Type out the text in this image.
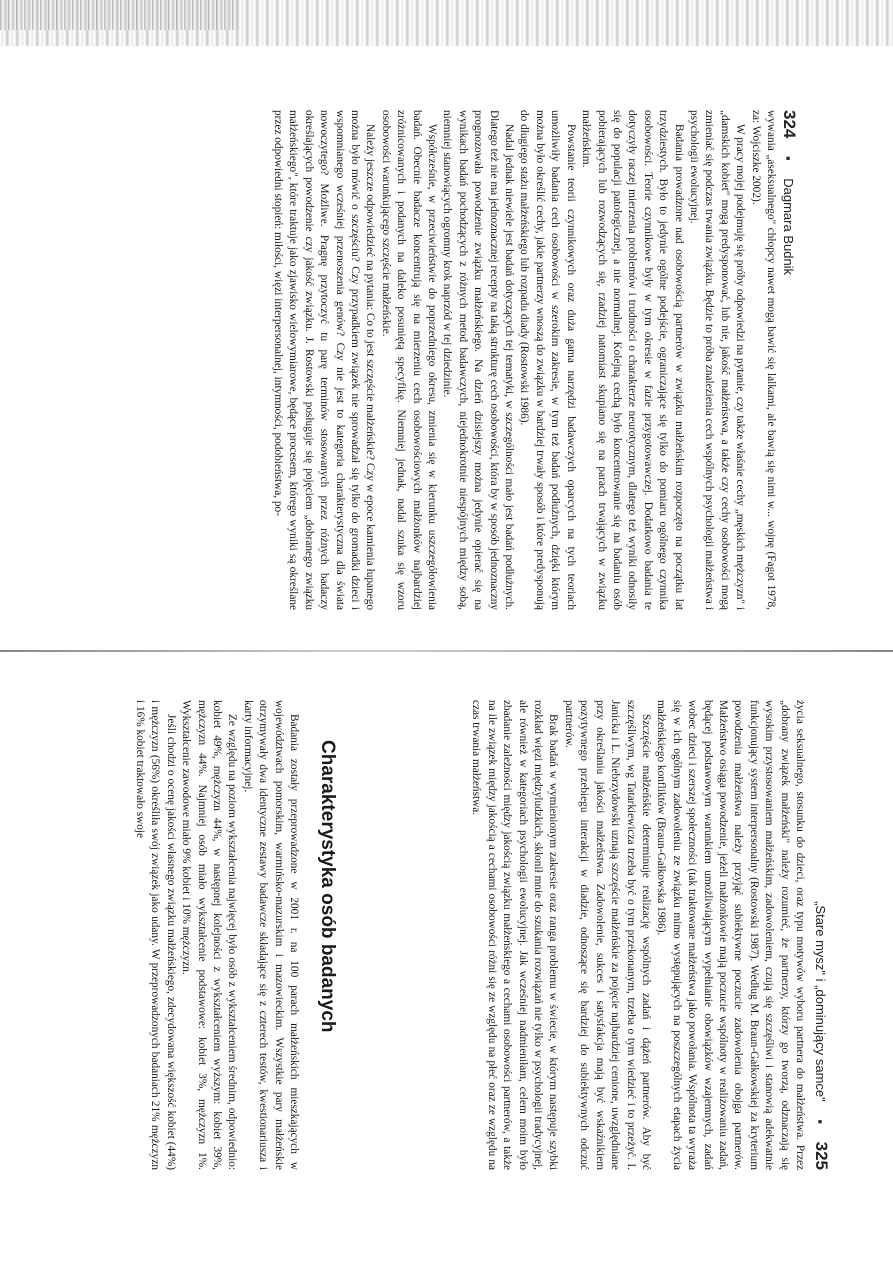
324 ▪ Dagmara Budnik

wywania „aseksualnego" chłopcy nawet mogą bawić się lalkami, ale bawią się nimi w... wojnę (Fagot 1978, za: Wojciszke 2002).

W pracy mojej podejmuję się próby odpowiedzi na pytanie, czy także właśnie cechy „męskich mężczyzn" i „damskich kobiet" mogą predysponować, lub nie, jakość małżeństwa, a także czy cechy osobowości mogą zmieniać się podczas trwania związku. Będzie to próba znalezienia cech wspólnych psychologii małżeństwa i psychologii ewolucyjnej.

Badania prowadzone nad osobowością partnerów w związku małżeńskim rozpoczęto na początku lat trzydziestych. Było to jedynie ogólne podejście, ograniczające się tylko do pomiaru ogólnego czynnika osobowości. Teorie czynnikowe były w tym okresie w fazie przygotowawczej. Dodatkowo badania te dotyczyły raczej mierzenia problemów i trudności o charakterze neurotycznym, dlatego też wyniki odnosiły się do populacji patologicznej, a nie normalnej. Kolejną cechą było koncentrowanie się na badaniu osób pobierających lub rozwodzących się, rzadziej natomiast skupiano się na parach trwających w związku małżeńskim.

Powstanie teorii czynnikowych oraz duża gama narzędzi badawczych oparcych na tych teoriach umożliwiły badania cech osobowości w szerokim zakresie, w tym też badań podłużnych, dzięki którym można było określić cechy, jakie partnerzy wnoszą do związku w bardziej trwały sposób i które predysponują do długiego stażu małżeńskiego lub rozpadu diady (Rostowski 1986).

Nadal jednak niewiele jest badań dotyczących tej tematyki, w szczególności mało jest badań podłużnych. Dlatego też nie ma jednoznacznej recepty na taką strukturę cech osobowości, która by w sposób jednoznaczny prognozowała powodzenie związku małżeńskiego. Na dzień dzisiejszy można jedynie opierać się na wynikach badań pochodzących z różnych metod badawczych, niejednokrotnie niespójnych między sobą, niemniej stanowiących ogromny krok naprzód w tej dziedzinie.

Współcześnie, w przeciwieństwie do poprzedniego okresu, zmienia się w kierunku uszczegółowienia badań. Obecnie badacze koncentrują się na mierzeniu cech osobowościowych małżonków najbardziej zróżnicowanych i podanych na daleko posuniętą specyfikę. Niemniej jednak, nadal szuka się wzoru osobowości warunkującego szczęście małżeńskie.

Należy jeszcze odpowiedzieć na pytania: Co to jest szczęście małżeńskie? Czy w epoce kamienia łupanego można było mówić o szczęściu? Czy przypadkiem związek nie sprowadzał się tylko do gromadki dzieci i wspomnianego wcześniej przenoszenia genów? Czy nie jest to kategoria charakterystyczna dla świata nowoczytego? Możliwe. Pragnę przytoczyć tu parę terminów stosowanych przez różnych badaczy określających powodzenie czy jakość związku. J. Rostowski posługuje się pojęciem „dobranego związku małżeńskiego", które traktuje jako zjawisko wielowymiarowe, będące procesem, którego wyniki są określane przez odpowiedni stopień: miłości, więzi interpersonalnej, intymności, podobieństwa, po-

„Stare mysz" i „dominujący samce" ▪ 325

życia seksualnego, stosunku do dzieci, oraz typu motywów wyboru partnera do małżeństwa. Przez „dobrany związek małżeński" należy rozumieć, że partnerzy, którzy go tworzą, odznaczają się wysokim przystosowaniem małżeńskim, zadowoleniem, czują się szczęśliwi i stanowią adekwatnie funkcjonujący system interpersonalny (Rostowski 1987). Według M. Braun-Gałkowskiej za kryterium powodzenia małżeństwa należy przyjąć subiektywne poczucie zadowolenia obojga partnerów. Małżeństwo osiąga powodzenie, jeżeli małżonkowie mają poczucie wspólnoty w realizowaniu zadań, będącej podstawowym warunkiem umożliwiającym wypełnianie obowiązków wzajemnych, zadań wobec dzieci i szerszej społeczności (tak traktowane małżeństwa jako powołania. Wspólnota ta wyraża się w ich ogólnym zadowoleniu ze związku mimo występujących na poszczególnych etapach życia małżeńskiego konfliktów (Braun-Gałkowska 1986).

Szczęście małżeńskie determinuje realizację wspólnych zadań i dążeń partnerów. Aby być szczęśliwym, wg Tatarkiewicza trzeba być o tym przekonanym, trzeba o tym wiedzieć i to przeżyć. I. Janicka i L. Niebrzydowski uznają szczęście małżeńskie za pojęcie najbardziej cenione, uwzględniane przy określaniu jakości małżeństwa. Zadowolenie, sukces i satysfakcja mają być wskaźnikiem pozytywnego przebiegu interakcji w diadzie, odnoszące się bardziej do subiektywnych odczuć partnerów.

Brak badań w wymienionym zakresie oraz ranga problemu w świecie, w którym następuje szybki rozkład więzi międzyludzkich, skłonił mnie do szukania rozwiązań nie tylko w psychologii tradycyjnej, ale również w kategoriach psychologii ewolucyjnej. Jak wcześniej nadmieniłam, celem moim było zbadanie zależności między jakością związku małżeńskiego a cechami osobowości partnerów, a także na ile związek między jakością a cechami osobowości różni się ze względu na płeć oraz ze względu na czas trwania małżeństwa.

Charakterystyka osób badanych

Badania zostały przeprowadzone w 2001 r. na 100 parach małżeńskich mieszkających w województwach pomorskim, warmińsko-mazurskim i mazowieckim. Wszystkie pary małżeńskie otrzymywały dwa identyczne zestawy badawcze składające się z czterech testów, kwestionariusza i karty informacyjnej.

Ze względu na poziom wykształcenia najwięcej było osób z wykształceniem średnim, odpowiednio: kobiet 49%, mężczyzn 44%, w następnej kolejności z wykształceniem wyższym: kobiet 39%, mężczyzn 44%. Najmniej osób miało wykształcenie podstawowe: kobiet 3%, mężczyzn 1%. Wykształcenie zawodowe miało 9% kobiet i 10% mężczyzn.

Jeśli chodzi o ocenę jakości własnego związku małżeńskiego, zdecydowana większość kobiet (44%) i mężczyzn (56%) określiła swój związek jako udany. W przeprowadzonych badaniach 21% mężczyzn i 16% kobiet traktowało swoje
